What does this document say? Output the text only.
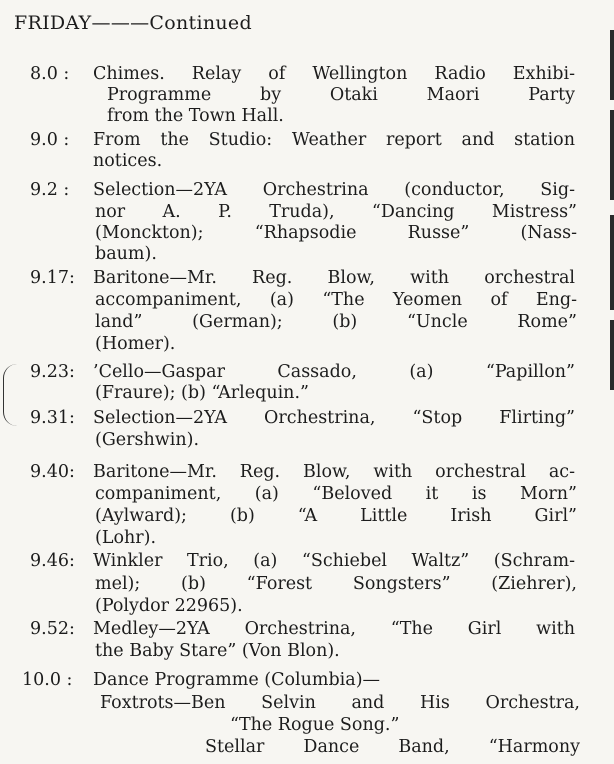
FRIDAY———Continued
8.0 : Chimes. Relay of Wellington Radio Exhibi-
Programme by Otaki Maori Party
from the Town Hall.
9.0 : From the Studio: Weather report and station
notices.
9.2 : Selection—2YA Orchestrina (conductor, Sig-
nor A. P. Truda), “Dancing Mistress”
(Monckton); “Rhapsodie Russe” (Nass-
baum).
9.17: Baritone—Mr. Reg. Blow, with orchestral
accompaniment, (a) “The Yeomen of Eng-
land” (German); (b) “Uncle Rome”
(Homer).
9.23: ’Cello—Gaspar Cassado, (a) “Papillon”
(Fraure); (b) “Arlequin.”
9.31: Selection—2YA Orchestrina, “Stop Flirting”
(Gershwin).
9.40: Baritone—Mr. Reg. Blow, with orchestral ac-
companiment, (a) “Beloved it is Morn”
(Aylward); (b) “A Little Irish Girl”
(Lohr).
9.46: Winkler Trio, (a) “Schiebel Waltz” (Schram-
mel); (b) “Forest Songsters” (Ziehrer),
(Polydor 22965).
9.52: Medley—2YA Orchestrina, “The Girl with
the Baby Stare” (Von Blon).
10.0 : Dance Programme (Columbia)—
Foxtrots—Ben Selvin and His Orchestra,
“The Rogue Song.”
Stellar Dance Band, “Harmony
